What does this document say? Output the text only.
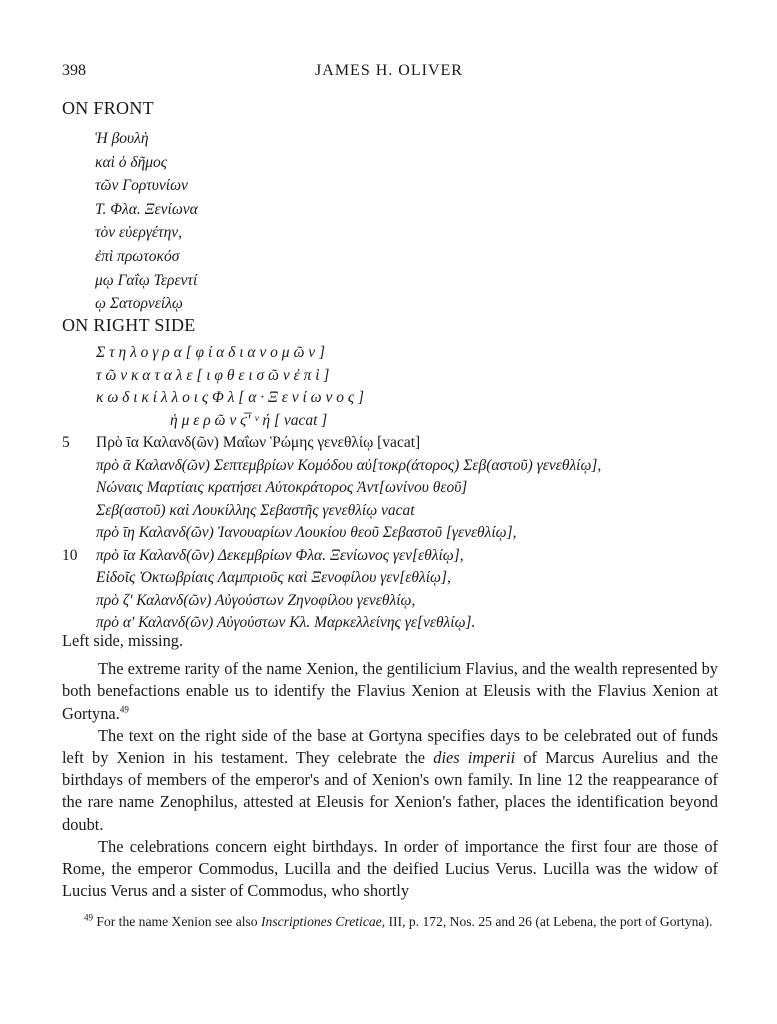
398	JAMES H. OLIVER
ON FRONT
Ἡ βουλὴ
καὶ ὁ δῆμος
τῶν Γορτυνίων
Τ. Φλα. Ξενίωνα
τὸν εὐεργέτην,
ἐπὶ πρωτοκόσ
μῳ Γαΐῳ Τερεντί
ῳ Σατορνείλῳ
ON RIGHT SIDE
Σ τ η λ ο γ ρ α [ φ ί α δ ι α ν ο μ ῶ ν ]
τ ῶ ν κ α τ α λ ε [ ι φ θ ε ι σ ῶ ν ἐ π ὶ ]
κ ω δ ι κ ί λ λ ο ι ς Φ λ [ α · Ξ ε ν ί ω ν ο ς ]
ἡ μ ε ρ ῶ ν ϛ̅ʹ ᵛ ή [ vacat ]
5	Πρὸ ῑα Καλανδ(ῶν) Μαΐων Ῥώμης γενεθλίῳ [vacat]
πρὸ ᾱ Καλανδ(ῶν) Σεπτεμβρίων Κομόδου αὐ[τοκρ(άτορος) Σεβ(αστοῦ) γενεθλίῳ],
Νώναις Μαρτίαις κρατήσει Αὐτοκράτορος Ἀντ[ωνίνου θεοῦ]
Σεβ(αστοῦ) καὶ Λουκίλλης Σεβαστῆς γενεθλίῳ vacat
πρὸ ῑη Καλανδ(ῶν) Ἰανουαρίων Λουκίου θεοῦ Σεβαστοῦ [γενεθλίῳ],
10	πρὸ ῑα Καλανδ(ῶν) Δεκεμβρίων Φλα. Ξενίωνος γεν[εθλίῳ],
Εἰδοῖς Ὀκτωβρίαις Λαμπριοῦς καὶ Ξενοφίλου γεν[εθλίῳ],
πρὸ ζʹ Καλανδ(ῶν) Αὐγούστων Ζηνοφίλου γενεθλίῳ,
πρὸ αʹ Καλανδ(ῶν) Αὐγούστων Κλ. Μαρκελλείνης γε[νεθλίῳ].

Left side, missing.

The extreme rarity of the name Xenion, the gentilicium Flavius, and the wealth represented by both benefactions enable us to identify the Flavius Xenion at Eleusis with the Flavius Xenion at Gortyna.$^{49}$

The text on the right side of the base at Gortyna specifies days to be celebrated out of funds left by Xenion in his testament. They celebrate the dies imperii of Marcus Aurelius and the birthdays of members of the emperor's and of Xenion's own family. In line 12 the reappearance of the rare name Zenophilus, attested at Eleusis for Xenion's father, places the identification beyond doubt.

The celebrations concern eight birthdays. In order of importance the first four are those of Rome, the emperor Commodus, Lucilla and the deified Lucius Verus. Lucilla was the widow of Lucius Verus and a sister of Commodus, who shortly

$^{49}$ For the name Xenion see also Inscriptiones Creticae, III, p. 172, Nos. 25 and 26 (at Lebena, the port of Gortyna).
